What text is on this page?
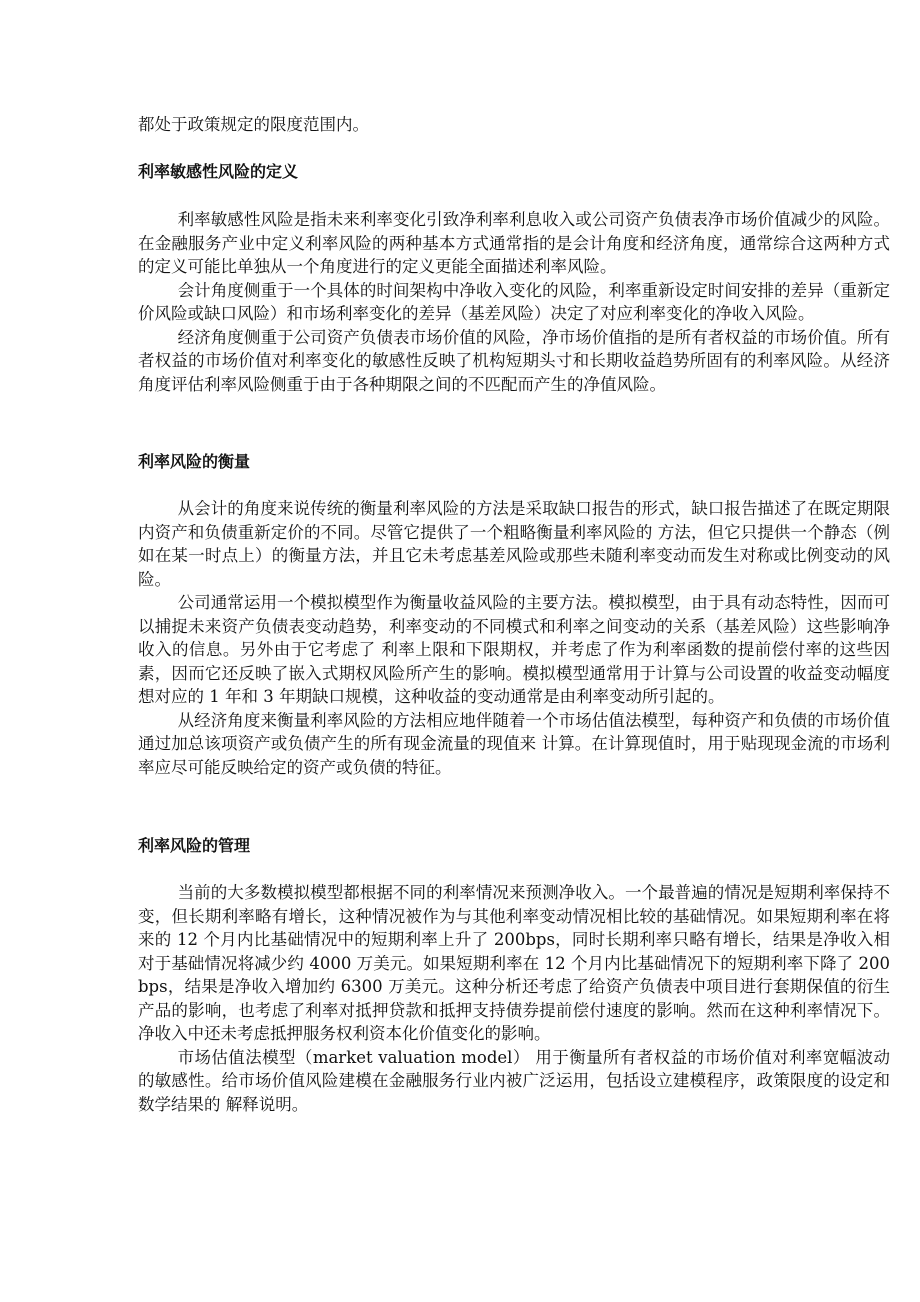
都处于政策规定的限度范围内。

利率敏感性风险的定义

利率敏感性风险是指未来利率变化引致净利率利息收入或公司资产负债表净市场价值减少的风险。在金融服务产业中定义利率风险的两种基本方式通常指的是会计角度和经济角度，通常综合这两种方式的定义可能比单独从一个角度进行的定义更能全面描述利率风险。

会计角度侧重于一个具体的时间架构中净收入变化的风险，利率重新设定时间安排的差异（重新定价风险或缺口风险）和市场利率变化的差异（基差风险）决定了对应利率变化的净收入风险。

经济角度侧重于公司资产负债表市场价值的风险，净市场价值指的是所有者权益的市场价值。所有者权益的市场价值对利率变化的敏感性反映了机构短期头寸和长期收益趋势所固有的利率风险。从经济角度评估利率风险侧重于由于各种期限之间的不匹配而产生的净值风险。

利率风险的衡量

从会计的角度来说传统的衡量利率风险的方法是采取缺口报告的形式，缺口报告描述了在既定期限内资产和负债重新定价的不同。尽管它提供了一个粗略衡量利率风险的 方法，但它只提供一个静态（例如在某一时点上）的衡量方法，并且它未考虑基差风险或那些未随利率变动而发生对称或比例变动的风险。

公司通常运用一个模拟模型作为衡量收益风险的主要方法。模拟模型，由于具有动态特性，因而可以捕捉未来资产负债表变动趋势，利率变动的不同模式和利率之间变动的关系（基差风险）这些影响净收入的信息。另外由于它考虑了 利率上限和下限期权，并考虑了作为利率函数的提前偿付率的这些因素，因而它还反映了嵌入式期权风险所产生的影响。模拟模型通常用于计算与公司设置的收益变动幅度想对应的 1 年和 3 年期缺口规模，这种收益的变动通常是由利率变动所引起的。

从经济角度来衡量利率风险的方法相应地伴随着一个市场估值法模型，每种资产和负债的市场价值通过加总该项资产或负债产生的所有现金流量的现值来 计算。在计算现值时，用于贴现现金流的市场利率应尽可能反映给定的资产或负债的特征。

利率风险的管理

当前的大多数模拟模型都根据不同的利率情况来预测净收入。一个最普遍的情况是短期利率保持不变，但长期利率略有增长，这种情况被作为与其他利率变动情况相比较的基础情况。如果短期利率在将来的 12 个月内比基础情况中的短期利率上升了 200bps，同时长期利率只略有增长，结果是净收入相对于基础情况将减少约 4000 万美元。如果短期利率在 12 个月内比基础情况下的短期利率下降了 200bps，结果是净收入增加约 6300 万美元。这种分析还考虑了给资产负债表中项目进行套期保值的衍生产品的影响，也考虑了利率对抵押贷款和抵押支持债券提前偿付速度的影响。然而在这种利率情况下。净收入中还未考虑抵押服务权利资本化价值变化的影响。

市场估值法模型（market valuation model） 用于衡量所有者权益的市场价值对利率宽幅波动的敏感性。给市场价值风险建模在金融服务行业内被广泛运用，包括设立建模程序，政策限度的设定和数学结果的 解释说明。
